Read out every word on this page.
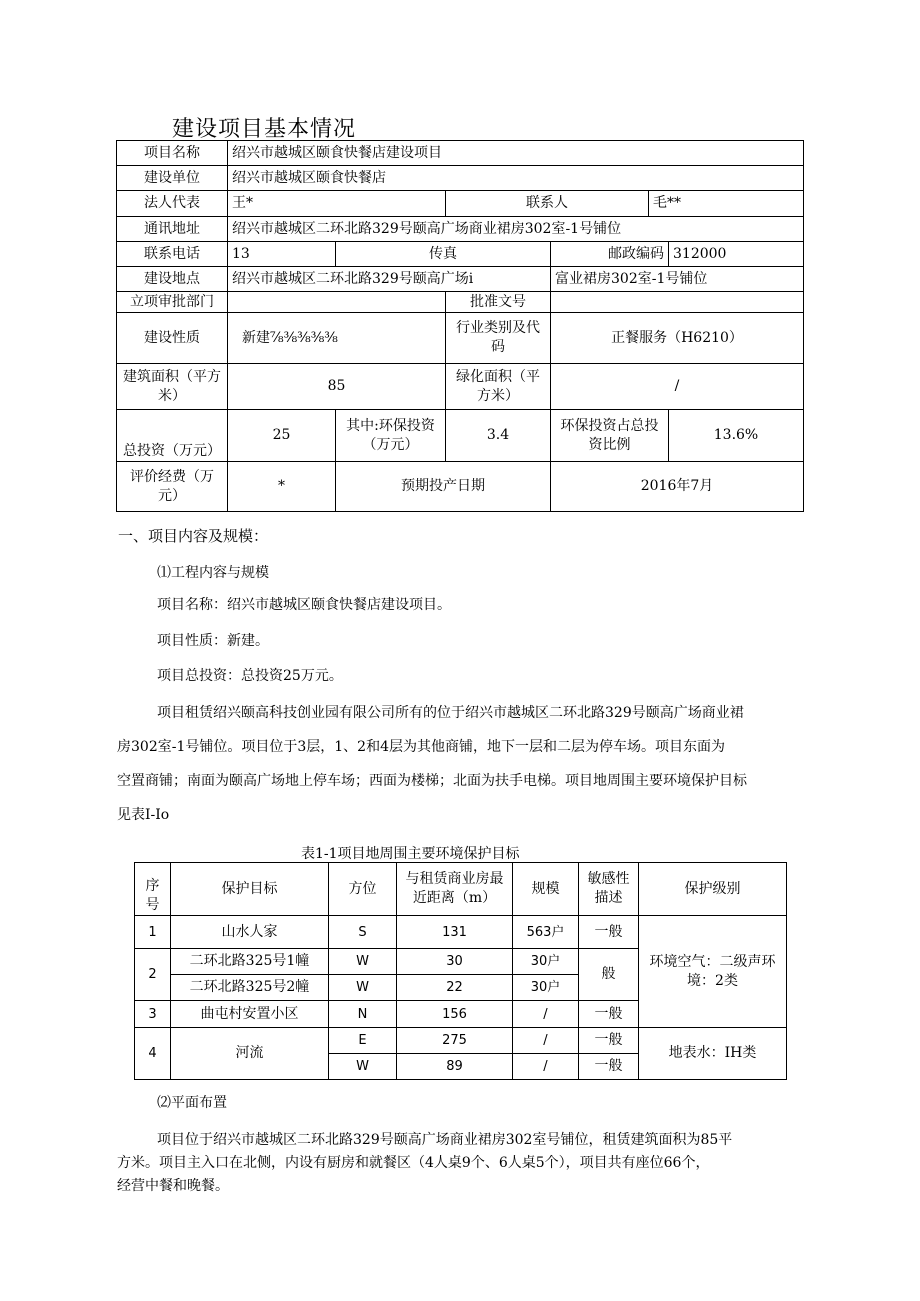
建设项目基本情况
项目名称	绍兴市越城区颐食快餐店建设项目					
建设单位	绍兴市越城区颐食快餐店					
法人代表	王*		联系人		毛**	
通讯地址	绍兴市越城区二环北路329号颐高广场商业裙房302室-1号铺位					
联系电话	13	传真		邮政编码		312000
建设地点	绍兴市越城区二环北路329号颐高广场i			富业裙房302室-1号铺位		
立项审批部门			批准文号			
建设性质	新建⅞⅜⅜⅜⅜		行业类别及代码	正餐服务（H6210）		
建筑面积（平方米）	85		绿化面积（平方米）	/		
总投资（万元）	25	其中:环保投资（万元）	3.4	环保投资占总投资比例		13.6%
评价经费（万元）	*	预期投产日期		2016年7月		
一、项目内容及规模：
⑴工程内容与规模
项目名称：绍兴市越城区颐食快餐店建设项目。
项目性质：新建。
项目总投资：总投资25万元。
项目租赁绍兴颐高科技创业园有限公司所有的位于绍兴市越城区二环北路329号颐高广场商业裙
房302室-1号铺位。项目位于3层，1、2和4层为其他商铺，地下一层和二层为停车场。项目东面为
空置商铺；南面为颐高广场地上停车场；西面为楼梯；北面为扶手电梯。项目地周围主要环境保护目标
见表I-Io
表1-1项目地周围主要环境保护目标
序号	保护目标	方位	与租赁商业房最近距离（m）	规模	敏感性描述	保护级别
1	山水人家	S	131	563户	一般	环境空气：二级声环境：2类
2	二环北路325号1幢	W	30	30户	般	
	二环北路325号2幢	W	22	30户		
3	曲屯村安置小区	N	156	/	一般	
4	河流	E	275	/	一般	地表水：IH类
		W	89	/	一般	
⑵平面布置
项目位于绍兴市越城区二环北路329号颐高广场商业裙房302室号铺位，租赁建筑面积为85平
方米。项目主入口在北侧，内设有厨房和就餐区（4人桌9个、6人桌5个），项目共有座位66个，
经营中餐和晚餐。
